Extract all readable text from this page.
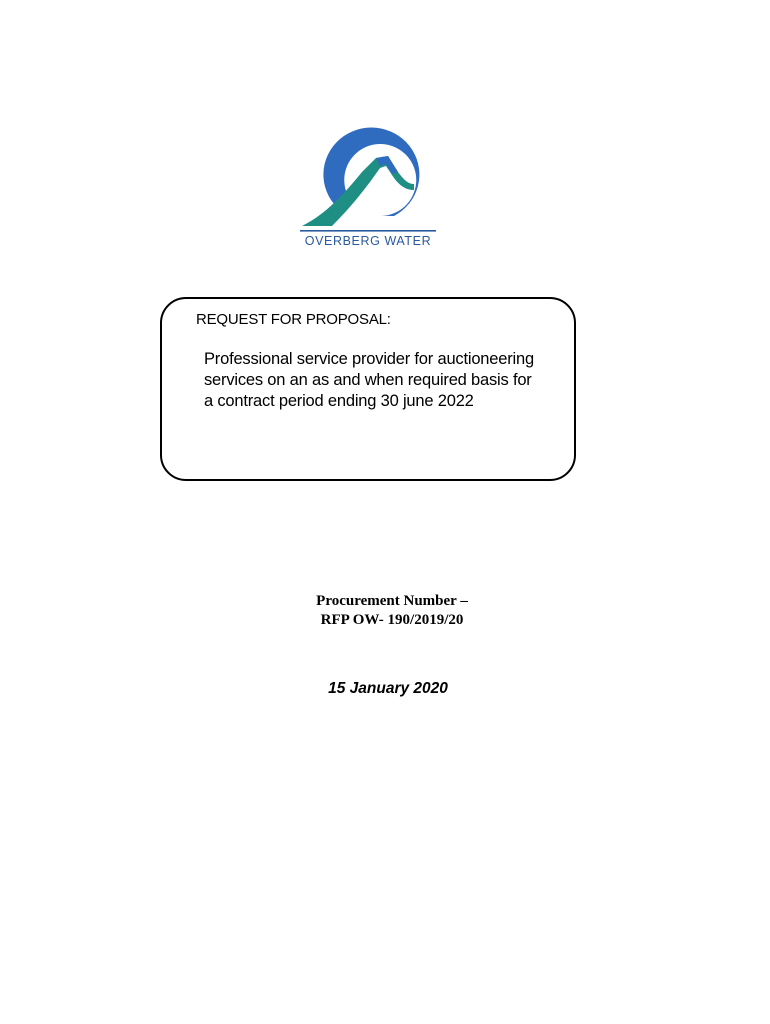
OVERBERG WATER
REQUEST FOR PROPOSAL:

Professional service provider for auctioneering
services on an as and when required basis for
a contract period ending 30 june 2022

Procurement Number –
RFP OW- 190/2019/20
15 January 2020
